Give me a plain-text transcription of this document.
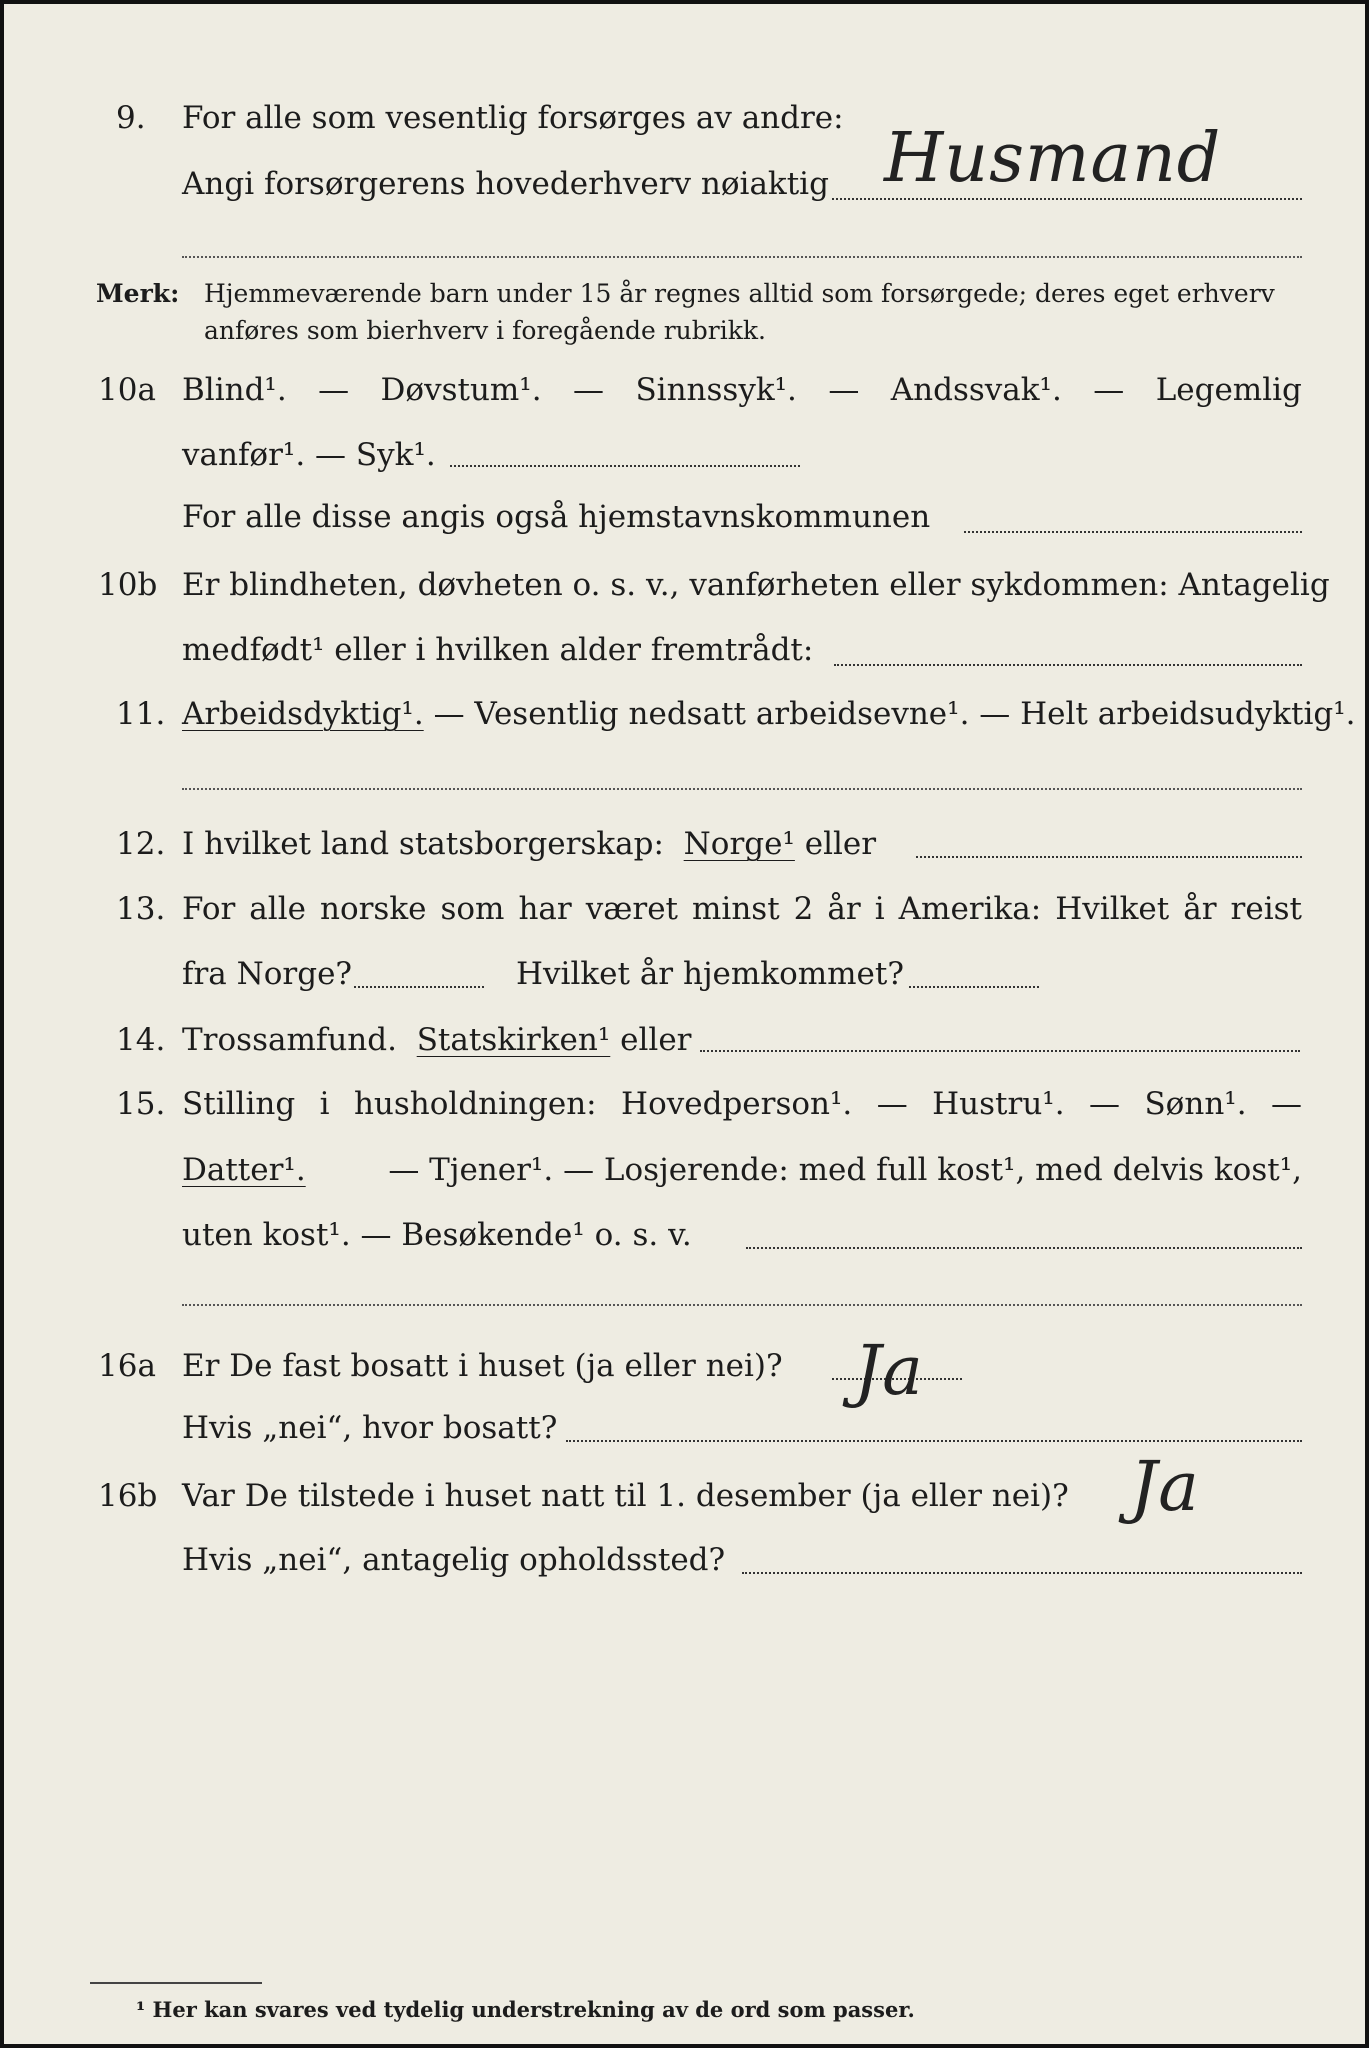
9. For alle som vesentlig forsørges av andre:
Angi forsørgerens hovederhverv nøiaktig Husmand
Merk: Hjemmeværende barn under 15 år regnes alltid som forsørgede; deres eget erhverv
anføres som bierhverv i foregående rubrikk.
10a Blind¹. — Døvstum¹. — Sinnssyk¹. — Andssvak¹. — Legemlig
vanfør¹. — Syk¹.
For alle disse angis også hjemstavnskommunen
10b Er blindheten, døvheten o. s. v., vanførheten eller sykdommen: Antagelig
medfødt¹ eller i hvilken alder fremtrådt:
11. Arbeidsdyktig¹. — Vesentlig nedsatt arbeidsevne¹. — Helt arbeidsudyktig¹.
12. I hvilket land statsborgerskap: Norge¹ eller
13. For alle norske som har været minst 2 år i Amerika: Hvilket år reist
fra Norge?	Hvilket år hjemkommet?
14. Trossamfund. Statskirken¹ eller
15. Stilling i husholdningen: Hovedperson¹. — Hustru¹. — Sønn¹. —
Datter¹.	— Tjener¹. — Losjerende: med full kost¹, med delvis kost¹,
uten kost¹. — Besøkende¹ o. s. v.
16a Er De fast bosatt i huset (ja eller nei)? Ja
Hvis „nei“, hvor bosatt?
16b Var De tilstede i huset natt til 1. desember (ja eller nei)? Ja
Hvis „nei“, antagelig opholdssted?
¹ Her kan svares ved tydelig understrekning av de ord som passer.
